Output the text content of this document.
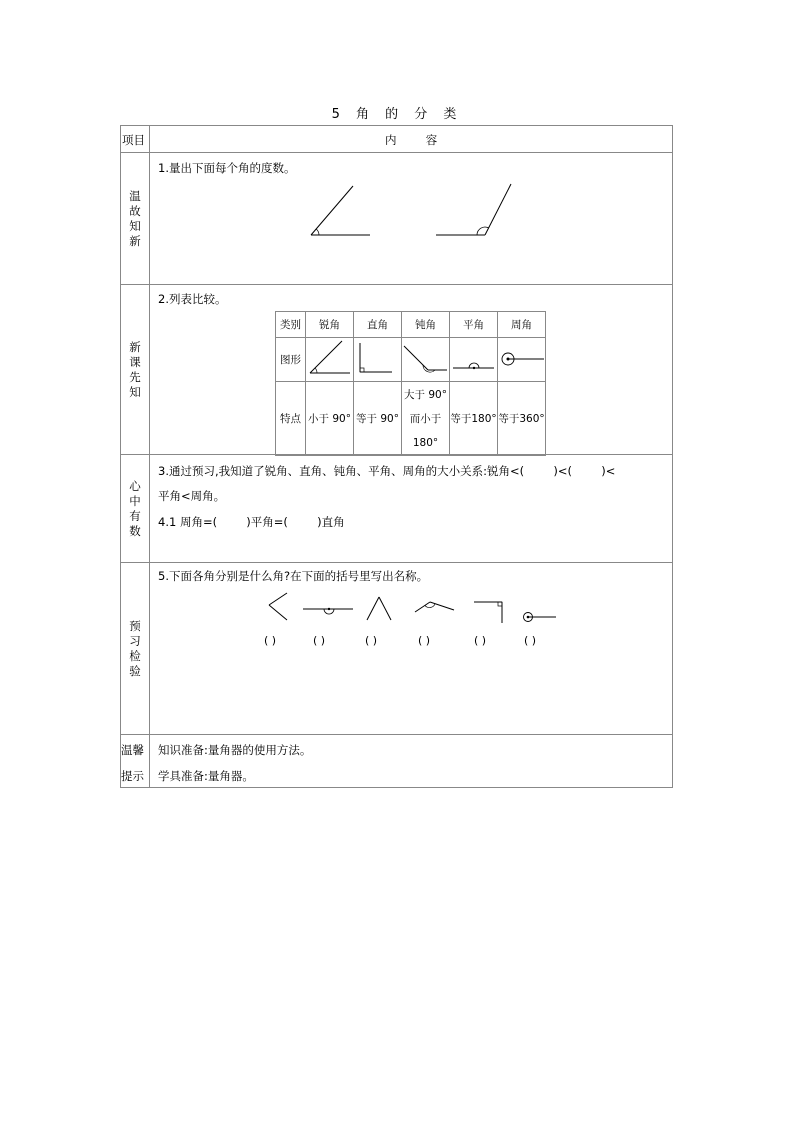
5 角 的 分 类
项目	内        容
温
故
知
新
1.量出下面每个角的度数。
新
课
先
知
2.列表比较。
类别	锐角	直角	钝角	平角	周角
图形					
特点	小于 90°	等于 90°	大于 90°
而小于
180°	等于180°	等于360°
心
中
有
数
3.通过预习,我知道了锐角、直角、钝角、平角、周角的大小关系:锐角<(        )<(        )<
平角<周角。
4.1 周角=(        )平角=(        )直角
预
习
检
验
5.下面各角分别是什么角?在下面的括号里写出名称。
( )	( )	( )	( )	( )	( )
温馨
提示
知识准备:量角器的使用方法。
学具准备:量角器。
